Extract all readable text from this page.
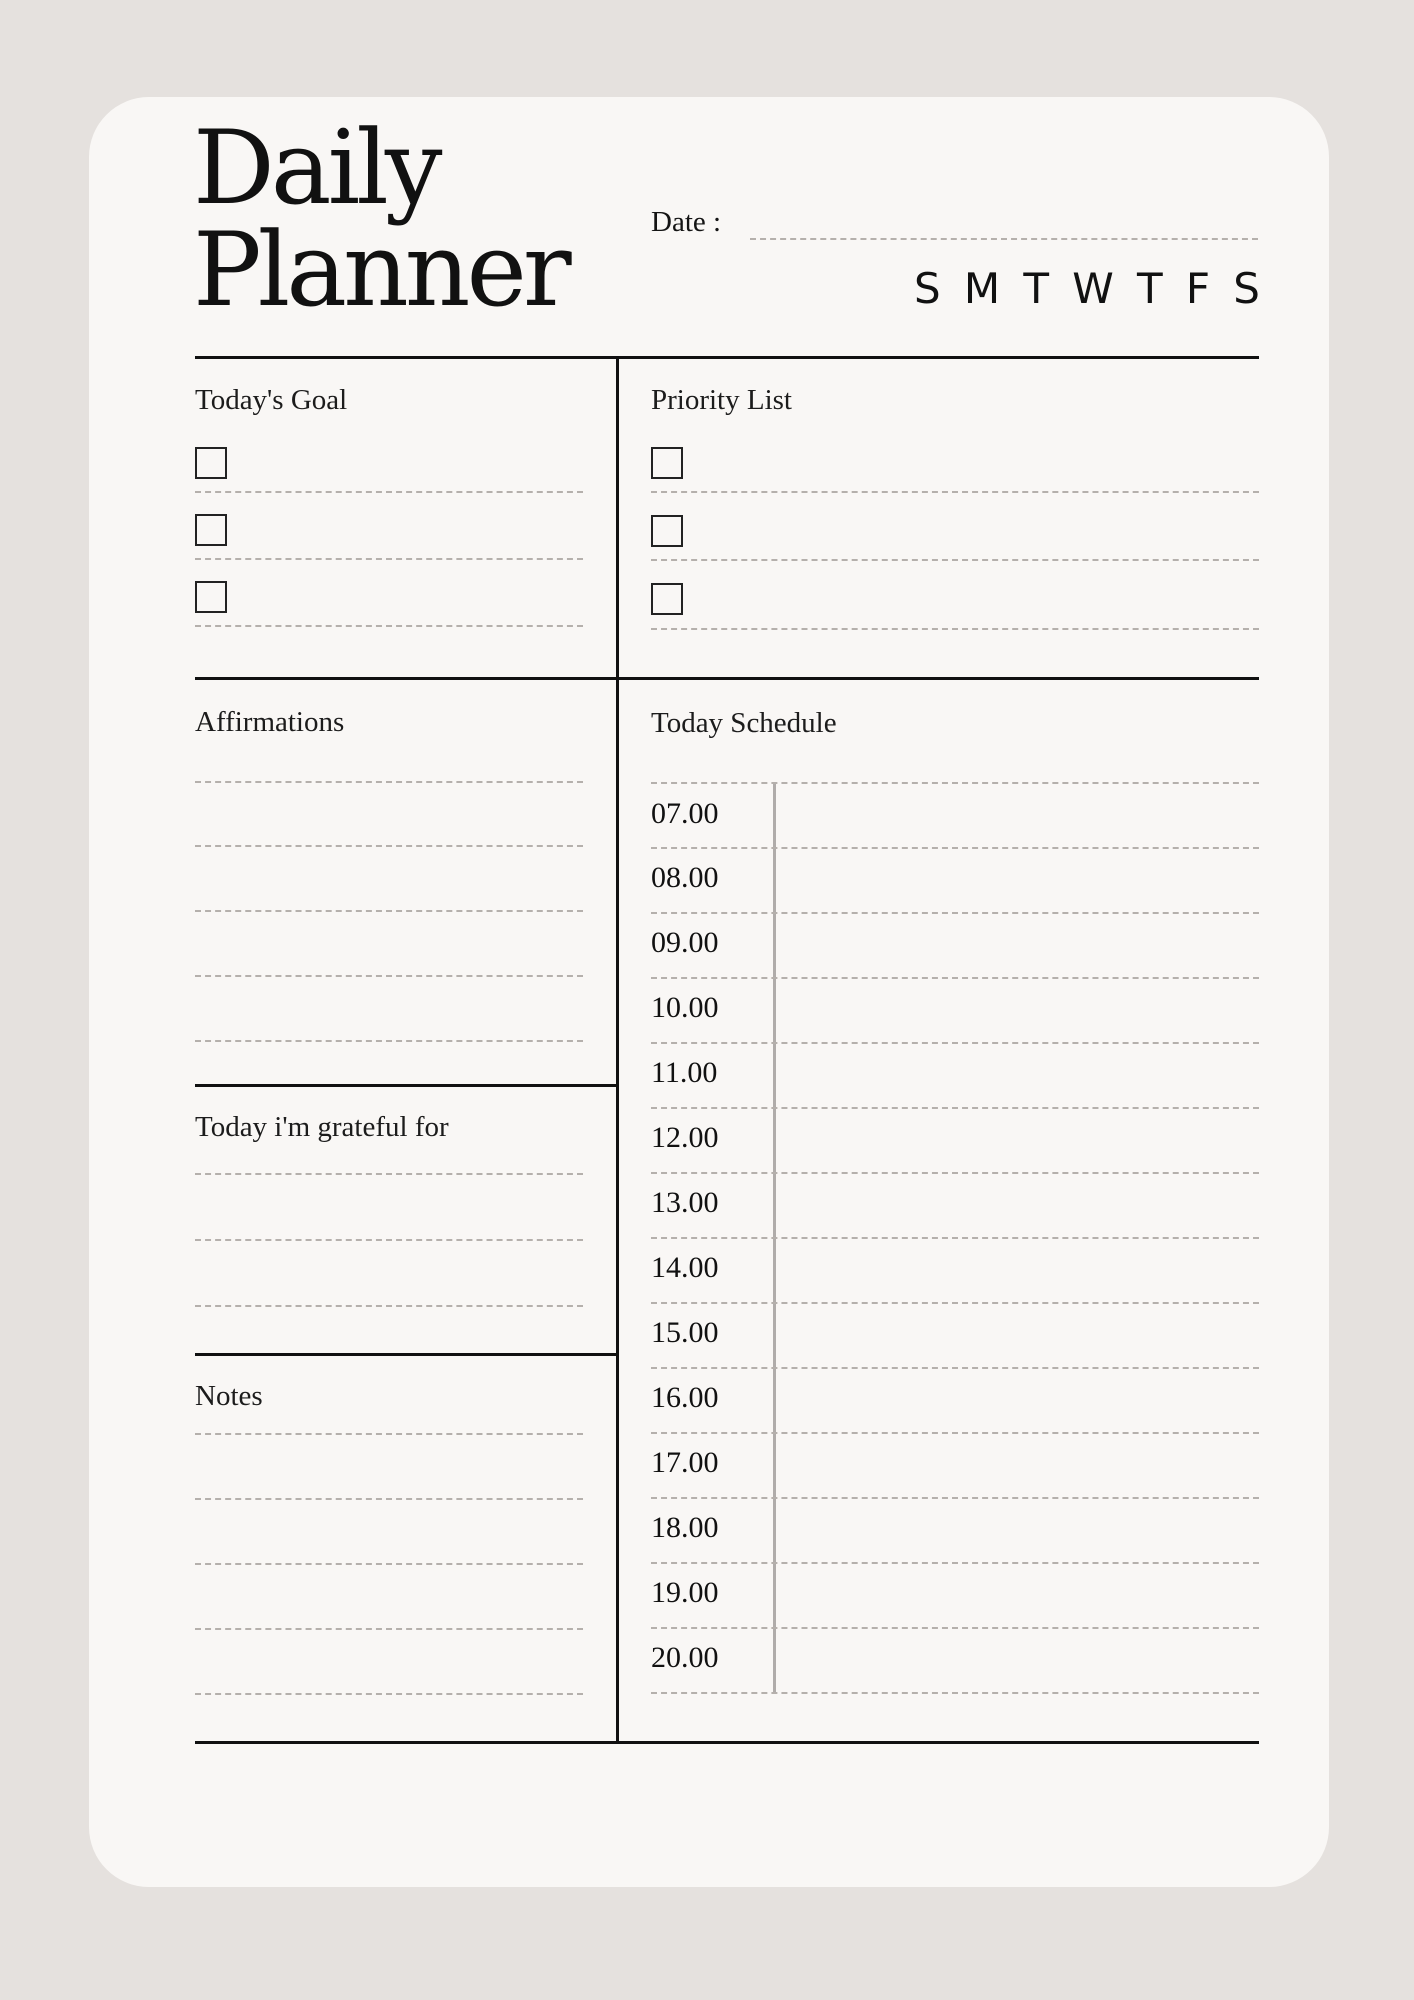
Daily
Planner	Date :
S M T W T F S
Today's Goal	Priority List
Affirmations
Today i'm grateful for
Notes
Today Schedule
07.00
08.00
09.00
10.00
11.00
12.00
13.00
14.00
15.00
16.00
17.00
18.00
19.00
20.00
